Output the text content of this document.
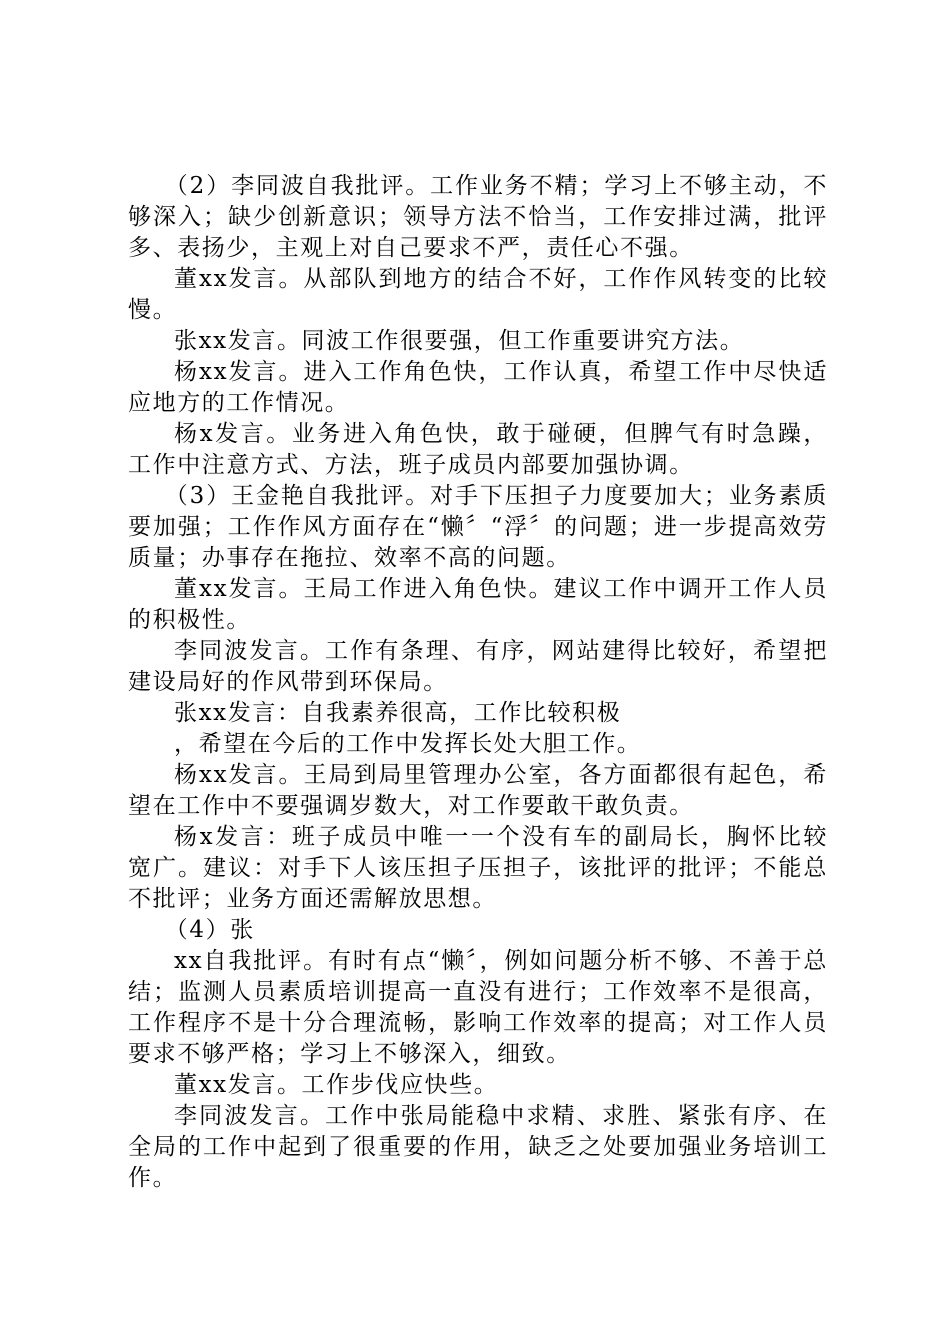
（2）李同波自我批评。工作业务不精；学习上不够主动，不够深入；缺少创新意识；领导方法不恰当，工作安排过满，批评多、表扬少，主观上对自己要求不严，责任心不强。

董xx发言。从部队到地方的结合不好，工作作风转变的比较慢。

张xx发言。同波工作很要强，但工作重要讲究方法。

杨xx发言。进入工作角色快，工作认真，希望工作中尽快适应地方的工作情况。

杨x发言。业务进入角色快，敢于碰硬，但脾气有时急躁，工作中注意方式、方法，班子成员内部要加强协调。

（3）王金艳自我批评。对手下压担子力度要加大；业务素质要加强；工作作风方面存在“懒〞“浮〞的问题；进一步提高效劳质量；办事存在拖拉、效率不高的问题。

董xx发言。王局工作进入角色快。建议工作中调开工作人员的积极性。

李同波发言。工作有条理、有序，网站建得比较好，希望把建设局好的作风带到环保局。

张xx发言：自我素养很高，工作比较积极

，希望在今后的工作中发挥长处大胆工作。

杨xx发言。王局到局里管理办公室，各方面都很有起色，希望在工作中不要强调岁数大，对工作要敢干敢负责。

杨x发言：班子成员中唯一一个没有车的副局长，胸怀比较宽广。建议：对手下人该压担子压担子，该批评的批评；不能总不批评；业务方面还需解放思想。

（4）张

xx自我批评。有时有点“懒〞，例如问题分析不够、不善于总结；监测人员素质培训提高一直没有进行；工作效率不是很高，工作程序不是十分合理流畅，影响工作效率的提高；对工作人员要求不够严格；学习上不够深入，细致。

董xx发言。工作步伐应快些。

李同波发言。工作中张局能稳中求精、求胜、紧张有序、在全局的工作中起到了很重要的作用，缺乏之处要加强业务培训工作。
